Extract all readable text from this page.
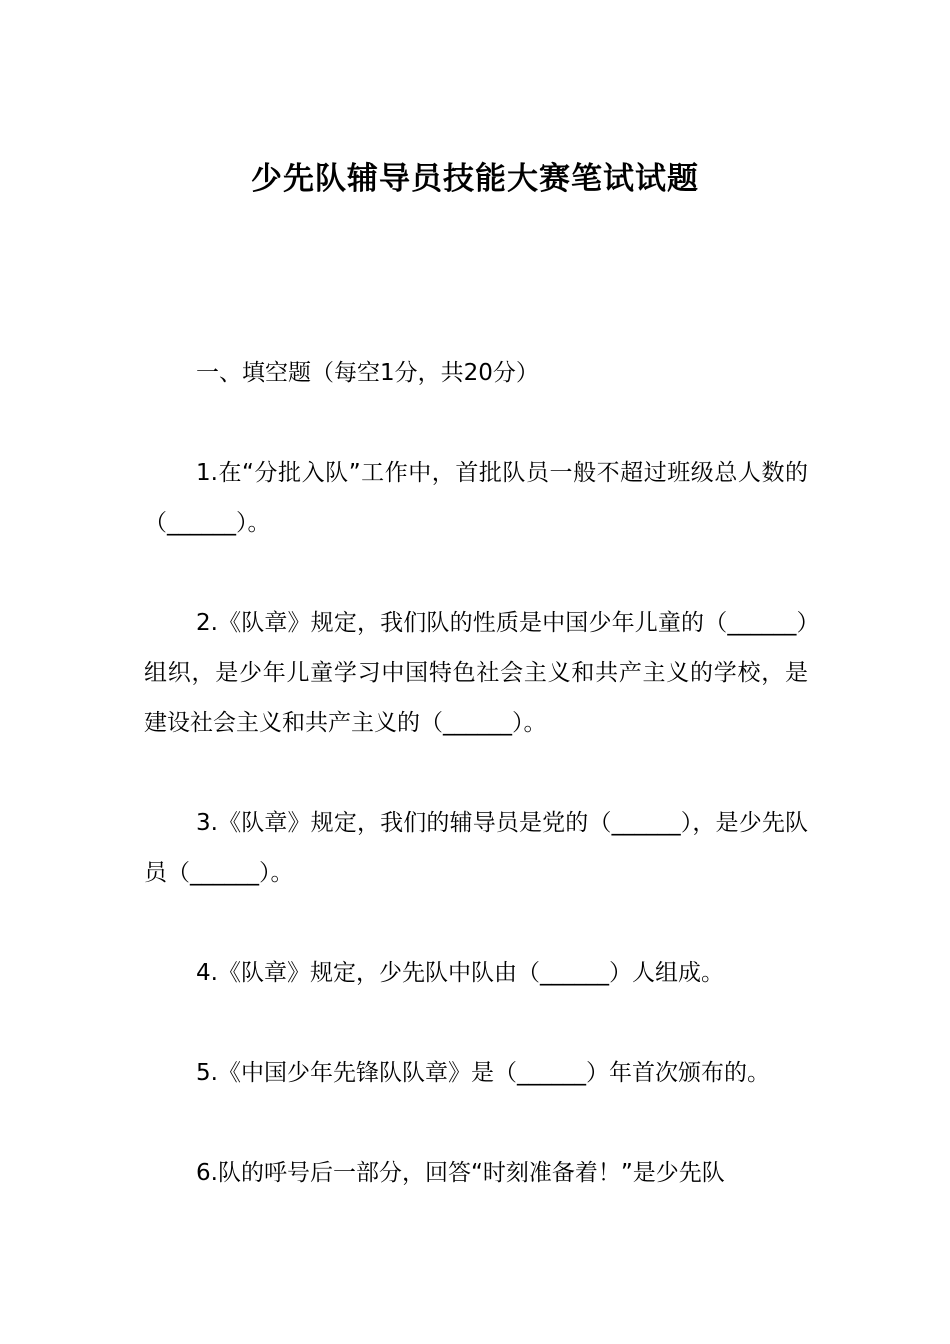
少先队辅导员技能大赛笔试试题

一、填空题（每空1分，共20分）

1.在“分批入队”工作中，首批队员一般不超过班级总人数的（______）。

2.《队章》规定，我们队的性质是中国少年儿童的（______）组织，是少年儿童学习中国特色社会主义和共产主义的学校，是建设社会主义和共产主义的（______）。

3.《队章》规定，我们的辅导员是党的（______），是少先队员（______）。

4.《队章》规定，少先队中队由（______）人组成。

5.《中国少年先锋队队章》是（______）年首次颁布的。

6.队的呼号后一部分，回答“时刻准备着！”是少先队
